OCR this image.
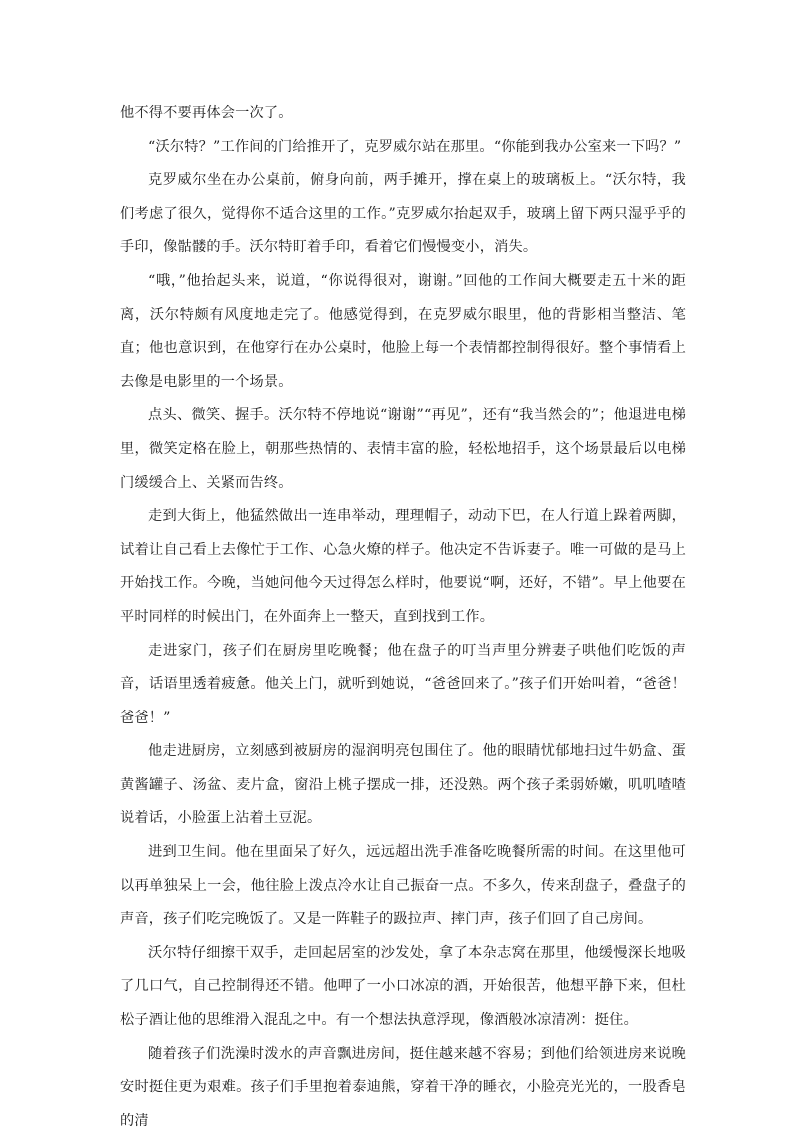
他不得不要再体会一次了。

“沃尔特？”工作间的门给推开了，克罗威尔站在那里。“你能到我办公室来一下吗？”

克罗威尔坐在办公桌前，俯身向前，两手摊开，撑在桌上的玻璃板上。“沃尔特，我们考虑了很久，觉得你不适合这里的工作。”克罗威尔抬起双手，玻璃上留下两只湿乎乎的手印，像骷髅的手。沃尔特盯着手印，看着它们慢慢变小，消失。

“哦，”他抬起头来，说道，“你说得很对，谢谢。”回他的工作间大概要走五十米的距离，沃尔特颇有风度地走完了。他感觉得到，在克罗威尔眼里，他的背影相当整洁、笔直；他也意识到，在他穿行在办公桌时，他脸上每一个表情都控制得很好。整个事情看上去像是电影里的一个场景。

点头、微笑、握手。沃尔特不停地说“谢谢”“再见”，还有“我当然会的”；他退进电梯里，微笑定格在脸上，朝那些热情的、表情丰富的脸，轻松地招手，这个场景最后以电梯门缓缓合上、关紧而告终。

走到大街上，他猛然做出一连串举动，理理帽子，动动下巴，在人行道上跺着两脚，试着让自己看上去像忙于工作、心急火燎的样子。他决定不告诉妻子。唯一可做的是马上开始找工作。今晚，当她问他今天过得怎么样时，他要说“啊，还好，不错”。早上他要在平时同样的时候出门，在外面奔上一整天，直到找到工作。

走进家门，孩子们在厨房里吃晚餐；他在盘子的叮当声里分辨妻子哄他们吃饭的声音，话语里透着疲惫。他关上门，就听到她说，“爸爸回来了。”孩子们开始叫着，“爸爸！爸爸！”

他走进厨房，立刻感到被厨房的湿润明亮包围住了。他的眼睛忧郁地扫过牛奶盒、蛋黄酱罐子、汤盆、麦片盒，窗沿上桃子摆成一排，还没熟。两个孩子柔弱娇嫩，叽叽喳喳说着话，小脸蛋上沾着土豆泥。

进到卫生间。他在里面呆了好久，远远超出洗手准备吃晚餐所需的时间。在这里他可以再单独呆上一会，他往脸上泼点冷水让自己振奋一点。不多久，传来刮盘子，叠盘子的声音，孩子们吃完晚饭了。又是一阵鞋子的趿拉声、摔门声，孩子们回了自己房间。

沃尔特仔细擦干双手，走回起居室的沙发处，拿了本杂志窝在那里，他缓慢深长地吸了几口气，自己控制得还不错。他呷了一小口冰凉的酒，开始很苦，他想平静下来，但杜松子酒让他的思维滑入混乱之中。有一个想法执意浮现，像酒般冰凉清冽：挺住。

随着孩子们洗澡时泼水的声音飘进房间，挺住越来越不容易；到他们给领进房来说晚安时挺住更为艰难。孩子们手里抱着泰迪熊，穿着干净的睡衣，小脸亮光光的，一股香皂的清
